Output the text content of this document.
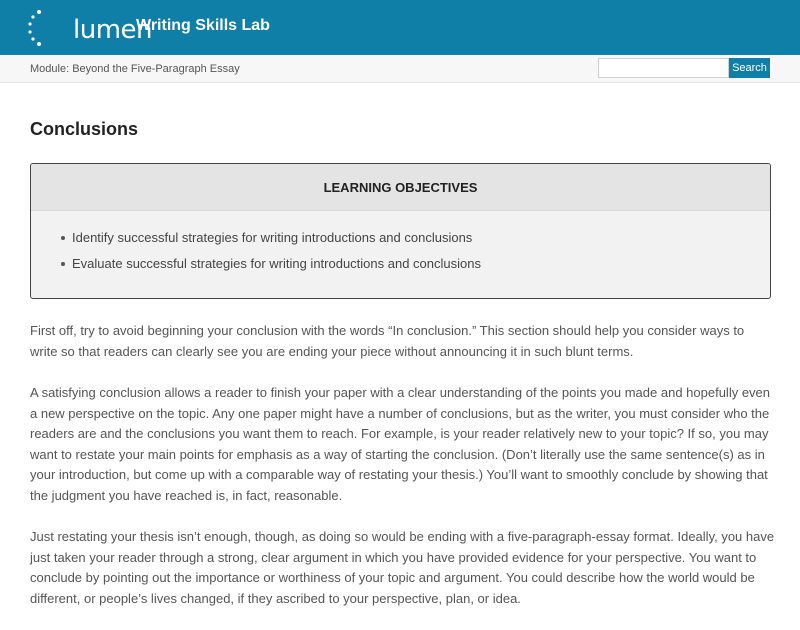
lumen
Writing Skills Lab
Module: Beyond the Five-Paragraph Essay	Search
Conclusions
LEARNING OBJECTIVES
Identify successful strategies for writing introductions and conclusions
Evaluate successful strategies for writing introductions and conclusions

First off, try to avoid beginning your conclusion with the words “In conclusion.” This section should help you consider ways to write so that readers can clearly see you are ending your piece without announcing it in such blunt terms.

A satisfying conclusion allows a reader to finish your paper with a clear understanding of the points you made and hopefully even a new perspective on the topic. Any one paper might have a number of conclusions, but as the writer, you must consider who the readers are and the conclusions you want them to reach. For example, is your reader relatively new to your topic? If so, you may want to restate your main points for emphasis as a way of starting the conclusion. (Don’t literally use the same sentence(s) as in your introduction, but come up with a comparable way of restating your thesis.) You’ll want to smoothly conclude by showing that the judgment you have reached is, in fact, reasonable.

Just restating your thesis isn’t enough, though, as doing so would be ending with a five-paragraph-essay format. Ideally, you have just taken your reader through a strong, clear argument in which you have provided evidence for your perspective. You want to conclude by pointing out the importance or worthiness of your topic and argument. You could describe how the world would be different, or people’s lives changed, if they ascribed to your perspective, plan, or idea.
